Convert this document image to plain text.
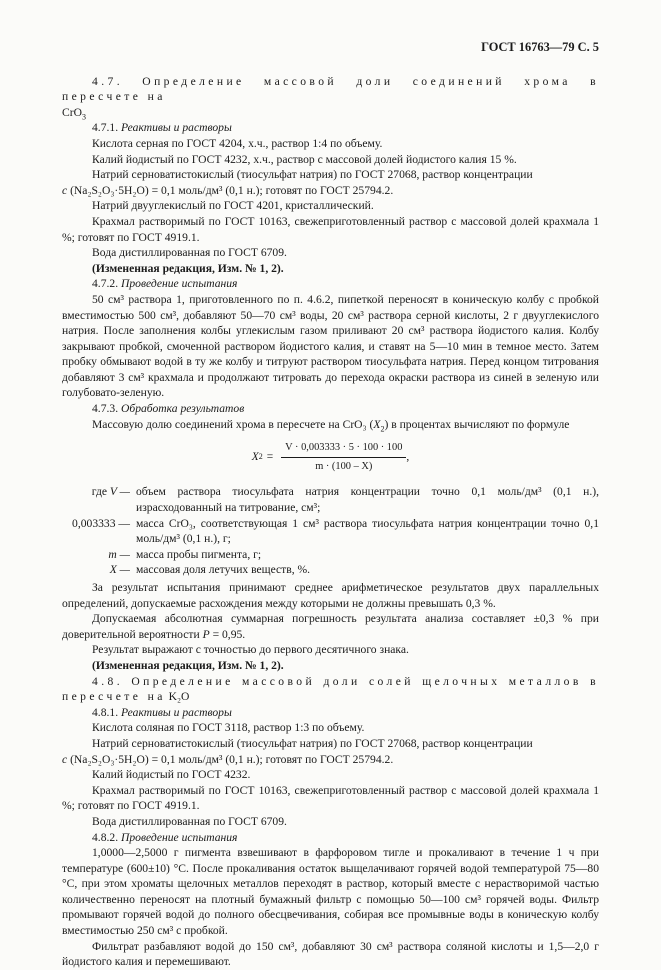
ГОСТ 16763—79 С. 5

4.7. Определение массовой доли соединений хрома в пересчете на

CrO$_3$

4.7.1. Реактивы и растворы

Кислота серная по ГОСТ 4204, х.ч., раствор 1:4 по объему.

Калий йодистый по ГОСТ 4232, х.ч., раствор с массовой долей йодистого калия 15 %.

Натрий серноватистокислый (тиосульфат натрия) по ГОСТ 27068, раствор концентрации

c (Na₂S₂O₃·5H₂O) = 0,1 моль/дм³ (0,1 н.); готовят по ГОСТ 25794.2.

Натрий двууглекислый по ГОСТ 4201, кристаллический.

Крахмал растворимый по ГОСТ 10163, свежеприготовленный раствор с массовой долей крахмала 1 %; готовят по ГОСТ 4919.1.

Вода дистиллированная по ГОСТ 6709.

(Измененная редакция, Изм. № 1, 2).

4.7.2. Проведение испытания

50 см³ раствора 1, приготовленного по п. 4.6.2, пипеткой переносят в коническую колбу с пробкой вместимостью 500 см³, добавляют 50—70 см³ воды, 20 см³ раствора серной кислоты, 2 г двууглекислого натрия. После заполнения колбы углекислым газом приливают 20 см³ раствора йодистого калия. Колбу закрывают пробкой, смоченной раствором йодистого калия, и ставят на 5—10 мин в темное место. Затем пробку обмывают водой в ту же колбу и титруют раствором тиосульфата натрия. Перед концом титрования добавляют 3 см³ крахмала и продолжают титровать до перехода окраски раствора из синей в зеленую или голубовато-зеленую.

4.7.3. Обработка результатов

Массовую долю соединений хрома в пересчете на CrO₃ $(X_2)$ в процентах вычисляют по формуле

X $2 = \frac{V \cdot 0,003333 \cdot 5 \cdot 100 \cdot 100}{m \cdot (100 - X)}$ ,
где V — объем раствора тиосульфата натрия концентрации точно 0,1 моль/дм³ (0,1 н.), израсходованный на титрование, см³;
0,003333 — масса CrO₃, соответствующая 1 см³ раствора тиосульфата натрия концентрации точно 0,1 моль/дм³ (0,1 н.), г;
m — масса пробы пигмента, г;
X — массовая доля летучих веществ, %.

За результат испытания принимают среднее арифметическое результатов двух параллельных определений, допускаемые расхождения между которыми не должны превышать 0,3 %.

Допускаемая абсолютная суммарная погрешность результата анализа составляет ±0,3 % при доверительной вероятности P = 0,95.

Результат выражают с точностью до первого десятичного знака.

(Измененная редакция, Изм. № 1, 2).

4.8. Определение массовой доли солей щелочных металлов в пересчете на K₂O

4.8.1. Реактивы и растворы

Кислота соляная по ГОСТ 3118, раствор 1:3 по объему.

Натрий серноватистокислый (тиосульфат натрия) по ГОСТ 27068, раствор концентрации

c (Na₂S₂O₃·5H₂O) = 0,1 моль/дм³ (0,1 н.); готовят по ГОСТ 25794.2.

Калий йодистый по ГОСТ 4232.

Крахмал растворимый по ГОСТ 10163, свежеприготовленный раствор с массовой долей крахмала 1 %; готовят по ГОСТ 4919.1.

Вода дистиллированная по ГОСТ 6709.

4.8.2. Проведение испытания

1,0000—2,5000 г пигмента взвешивают в фарфоровом тигле и прокаливают в течение 1 ч при температуре (600±10) °С. После прокаливания остаток выщелачивают горячей водой температурой 75—80 °С, при этом хроматы щелочных металлов переходят в раствор, который вместе с нерастворимой частью количественно переносят на плотный бумажный фильтр с помощью 50—100 см³ горячей воды. Фильтр промывают горячей водой до полного обесцвечивания, собирая все промывные воды в коническую колбу вместимостью 250 см³ с пробкой.

Фильтрат разбавляют водой до 150 см³, добавляют 30 см³ раствора соляной кислоты и 1,5—2,0 г йодистого калия и перемешивают.
